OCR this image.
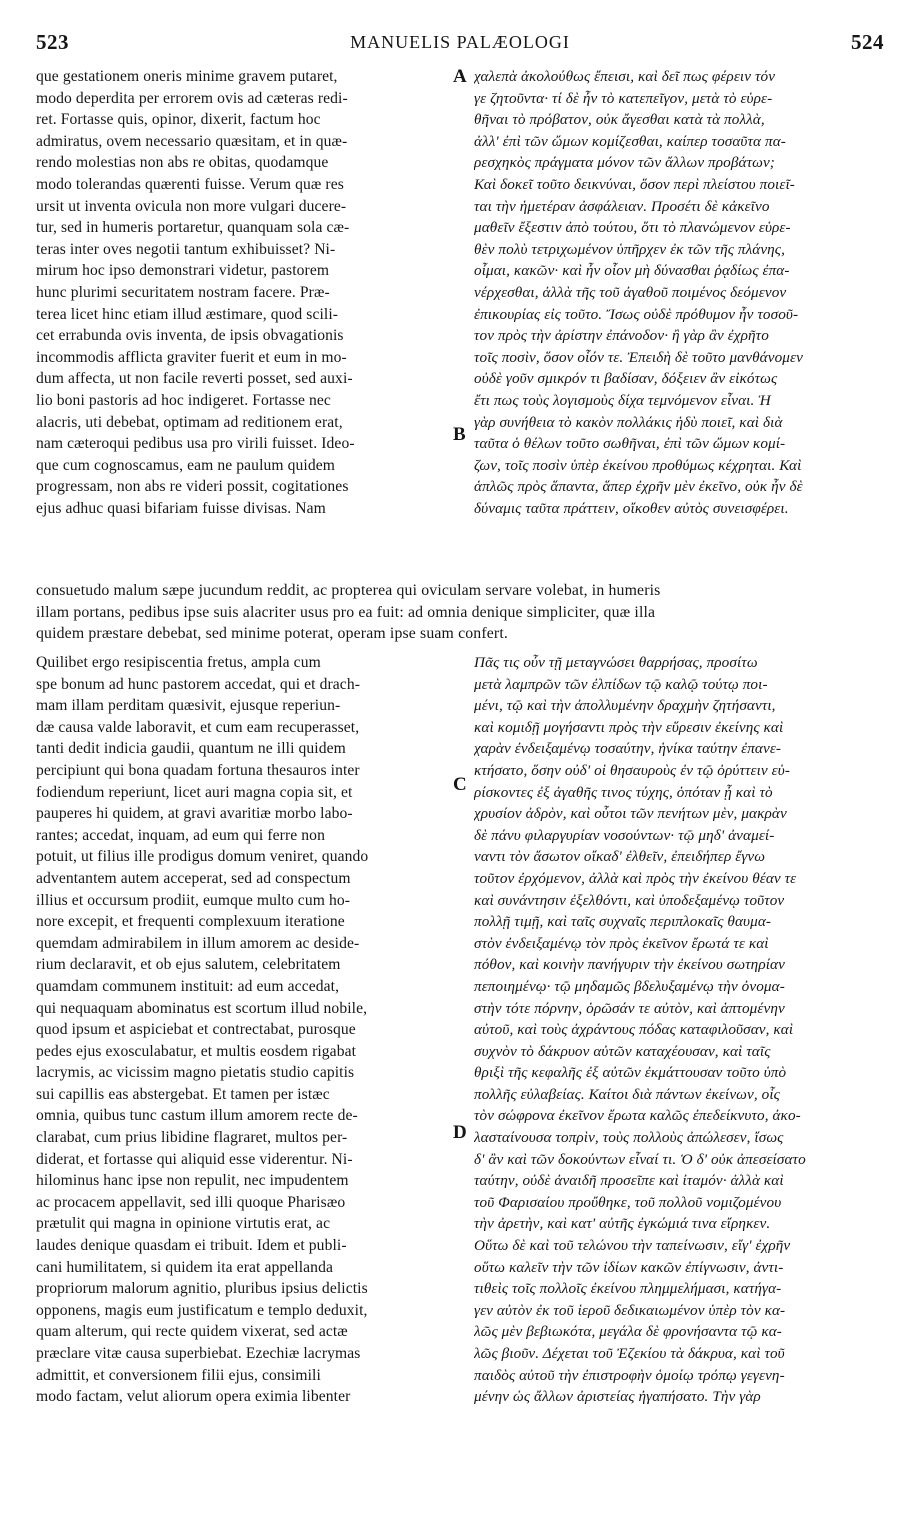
523	MANUELIS PALÆOLOGI	524
que gestationem oneris minime gravem putaret,
modo deperdita per errorem ovis ad cæteras redi-
ret. Fortasse quis, opinor, dixerit, factum hoc
admiratus, ovem necessario quæsitam, et in quæ-
rendo molestias non abs re obitas, quodamque
modo tolerandas quærenti fuisse. Verum quæ res
ursit ut inventa ovicula non more vulgari ducere-
tur, sed in humeris portaretur, quanquam sola cæ-
teras inter oves negotii tantum exhibuisset? Ni-
mirum hoc ipso demonstrari videtur, pastorem
hunc plurimi securitatem nostram facere. Præ-
terea licet hinc etiam illud æstimare, quod scili-
cet errabunda ovis inventa, de ipsis obvagationis
incommodis afflicta graviter fuerit et eum in mo-
dum affecta, ut non facile reverti posset, sed auxi-
lio boni pastoris ad hoc indigeret. Fortasse nec
alacris, uti debebat, optimam ad reditionem erat,
nam cæteroqui pedibus usa pro virili fuisset. Ideo-
que cum cognoscamus, eam ne paulum quidem
progressam, non abs re videri possit, cogitationes
ejus adhuc quasi bifariam fuisse divisas. Nam
χαλεπὰ ἀκολούθως ἔπεισι, καὶ δεῖ πως φέρειν τόν
γε ζητοῦντα· τί δὲ ἦν τὸ κατεπεῖγον, μετὰ τὸ εὑρε-
θῆναι τὸ πρόβατον, οὐκ ἄγεσθαι κατὰ τὰ πολλὰ,
ἀλλ' ἐπὶ τῶν ὤμων κομίζεσθαι, καίπερ τοσαῦτα πα-
ρεσχηκὸς πράγματα μόνον τῶν ἄλλων προβάτων;
Καὶ δοκεῖ τοῦτο δεικνύναι, ὅσον περὶ πλείστου ποιεῖ-
ται τὴν ἡμετέραν ἀσφάλειαν. Προσέτι δὲ κἀκεῖνο
μαθεῖν ἔξεστιν ἀπὸ τούτου, ὅτι τὸ πλανώμενον εὑρε-
θὲν πολὺ τετριχωμένον ὑπῆρχεν ἐκ τῶν τῆς πλάνης,
οἶμαι, κακῶν· καὶ ἦν οἷον μὴ δύνασθαι ῥᾳδίως ἐπα-
νέρχεσθαι, ἀλλὰ τῆς τοῦ ἀγαθοῦ ποιμένος δεόμενον
ἐπικουρίας εἰς τοῦτο. Ἴσως οὐδὲ πρόθυμον ἦν τοσοῦ-
τον πρὸς τὴν ἀρίστην ἐπάνοδον· ἢ γὰρ ἂν ἐχρῆτο
τοῖς ποσὶν, ὅσον οἷόν τε. Ἐπειδὴ δὲ τοῦτο μανθάνομεν
οὐδὲ γοῦν σμικρόν τι βαδίσαν, δόξειεν ἂν εἰκότως
ἔτι πως τοὺς λογισμοὺς δίχα τεμνόμενον εἶναι. Ἡ
γὰρ συνήθεια τὸ κακὸν πολλάκις ἡδὺ ποιεῖ, καὶ διὰ
ταῦτα ὁ θέλων τοῦτο σωθῆναι, ἐπὶ τῶν ὤμων κομί-
ζων, τοῖς ποσὶν ὑπὲρ ἐκείνου προθύμως κέχρηται. Καὶ
ἁπλῶς πρὸς ἅπαντα, ἅπερ ἐχρῆν μὲν ἐκεῖνο, οὐκ ἦν δὲ
δύναμις ταῦτα πράττειν, οἴκοθεν αὐτὸς συνεισφέρει.
consuetudo malum sæpe jucundum reddit, ac propterea qui oviculam servare volebat, in humeris
illam portans, pedibus ipse suis alacriter usus pro ea fuit: ad omnia denique simpliciter, quæ illa
quidem præstare debebat, sed minime poterat, operam ipse suam confert.
Quilibet ergo resipiscentia fretus, ampla cum
spe bonum ad hunc pastorem accedat, qui et drach-
mam illam perditam quæsivit, ejusque reperiun-
dæ causa valde laboravit, et cum eam recuperasset,
tanti dedit indicia gaudii, quantum ne illi quidem
percipiunt qui bona quadam fortuna thesauros inter
fodiendum reperiunt, licet auri magna copia sit, et
pauperes hi quidem, at gravi avaritiæ morbo labo-
rantes; accedat, inquam, ad eum qui ferre non
potuit, ut filius ille prodigus domum veniret, quando
adventantem autem acceperat, sed ad conspectum
illius et occursum prodiit, eumque multo cum ho-
nore excepit, et frequenti complexuum iteratione
quemdam admirabilem in illum amorem ac deside-
rium declaravit, et ob ejus salutem, celebritatem
quamdam communem instituit: ad eum accedat,
qui nequaquam abominatus est scortum illud nobile,
quod ipsum et aspiciebat et contrectabat, purosque
pedes ejus exosculabatur, et multis eosdem rigabat
lacrymis, ac vicissim magno pietatis studio capitis
sui capillis eas abstergebat. Et tamen per istæc
omnia, quibus tunc castum illum amorem recte de-
clarabat, cum prius libidine flagraret, multos per-
diderat, et fortasse qui aliquid esse viderentur. Ni-
hilominus hanc ipse non repulit, nec impudentem
ac procacem appellavit, sed illi quoque Pharisæo
prætulit qui magna in opinione virtutis erat, ac
laudes denique quasdam ei tribuit. Idem et publi-
cani humilitatem, si quidem ita erat appellanda
propriorum malorum agnitio, pluribus ipsius delictis
opponens, magis eum justificatum e templo deduxit,
quam alterum, qui recte quidem vixerat, sed actæ
præclare vitæ causa superbiebat. Ezechiæ lacrymas
admittit, et conversionem filii ejus, consimili
modo factam, velut aliorum opera eximia libenter
Πᾶς τις οὖν τῇ μεταγνώσει θαρρήσας, προσίτω
μετὰ λαμπρῶν τῶν ἐλπίδων τῷ καλῷ τούτῳ ποι-
μένι, τῷ καὶ τὴν ἀπολλυμένην δραχμὴν ζητήσαντι,
καὶ κομιδῇ μογήσαντι πρὸς τὴν εὕρεσιν ἐκείνης καὶ
χαρὰν ἐνδειξαμένῳ τοσαύτην, ἡνίκα ταύτην ἐπανε-
κτήσατο, ὅσην οὐδ' οἱ θησαυροὺς ἐν τῷ ὀρύττειν εὑ-
ρίσκοντες ἐξ ἀγαθῆς τινος τύχης, ὁπόταν ᾖ καὶ τὸ
χρυσίον ἀδρὸν, καὶ οὗτοι τῶν πενήτων μὲν, μακρὰν
δὲ πάνυ φιλαργυρίαν νοσούντων· τῷ μηδ' ἀναμεί-
ναντι τὸν ἄσωτον οἴκαδ' ἐλθεῖν, ἐπειδήπερ ἔγνω
τοῦτον ἐρχόμενον, ἀλλὰ καὶ πρὸς τὴν ἐκείνου θέαν τε
καὶ συνάντησιν ἐξελθόντι, καὶ ὑποδεξαμένῳ τοῦτον
πολλῇ τιμῇ, καὶ ταῖς συχναῖς περιπλοκαῖς θαυμα-
στὸν ἐνδειξαμένῳ τὸν πρὸς ἐκεῖνον ἔρωτά τε καὶ
πόθον, καὶ κοινὴν πανήγυριν τὴν ἐκείνου σωτηρίαν
πεποιημένῳ· τῷ μηδαμῶς βδελυξαμένῳ τὴν ὀνομα-
στὴν τότε πόρνην, ὁρῶσάν τε αὐτὸν, καὶ ἁπτομένην
αὐτοῦ, καὶ τοὺς ἀχράντους πόδας καταφιλοῦσαν, καὶ
συχνὸν τὸ δάκρυον αὐτῶν καταχέουσαν, καὶ ταῖς
θριξὶ τῆς κεφαλῆς ἐξ αὐτῶν ἐκμάττουσαν τοῦτο ὑπὸ
πολλῆς εὐλαβείας. Καίτοι διὰ πάντων ἐκείνων, οἷς
τὸν σώφρονα ἐκεῖνον ἔρωτα καλῶς ἐπεδείκνυτο, ἀκο-
λασταίνουσα τοπρὶν, τοὺς πολλοὺς ἀπώλεσεν, ἴσως
δ' ἂν καὶ τῶν δοκούντων εἶναί τι. Ὁ δ' οὐκ ἀπεσείσατο
ταύτην, οὐδὲ ἀναιδῆ προσεῖπε καὶ ἰταμόν· ἀλλὰ καὶ
τοῦ Φαρισαίου προὔθηκε, τοῦ πολλοῦ νομιζομένου
τὴν ἀρετὴν, καὶ κατ' αὐτῆς ἐγκώμιά τινα εἴρηκεν.
Οὕτω δὲ καὶ τοῦ τελώνου τὴν ταπείνωσιν, εἴγ' ἐχρῆν
οὕτω καλεῖν τὴν τῶν ἰδίων κακῶν ἐπίγνωσιν, ἀντι-
τιθεὶς τοῖς πολλοῖς ἐκείνου πλημμελήμασι, κατήγα-
γεν αὐτὸν ἐκ τοῦ ἱεροῦ δεδικαιωμένον ὑπὲρ τὸν κα-
λῶς μὲν βεβιωκότα, μεγάλα δὲ φρονήσαντα τῷ κα-
λῶς βιοῦν. Δέχεται τοῦ Ἐζεκίου τὰ δάκρυα, καὶ τοῦ
παιδὸς αὐτοῦ τὴν ἐπιστροφὴν ὁμοίῳ τρόπῳ γεγενη-
μένην ὡς ἄλλων ἀριστείας ἠγαπήσατο. Τὴν γὰρ
A
B
C
D
